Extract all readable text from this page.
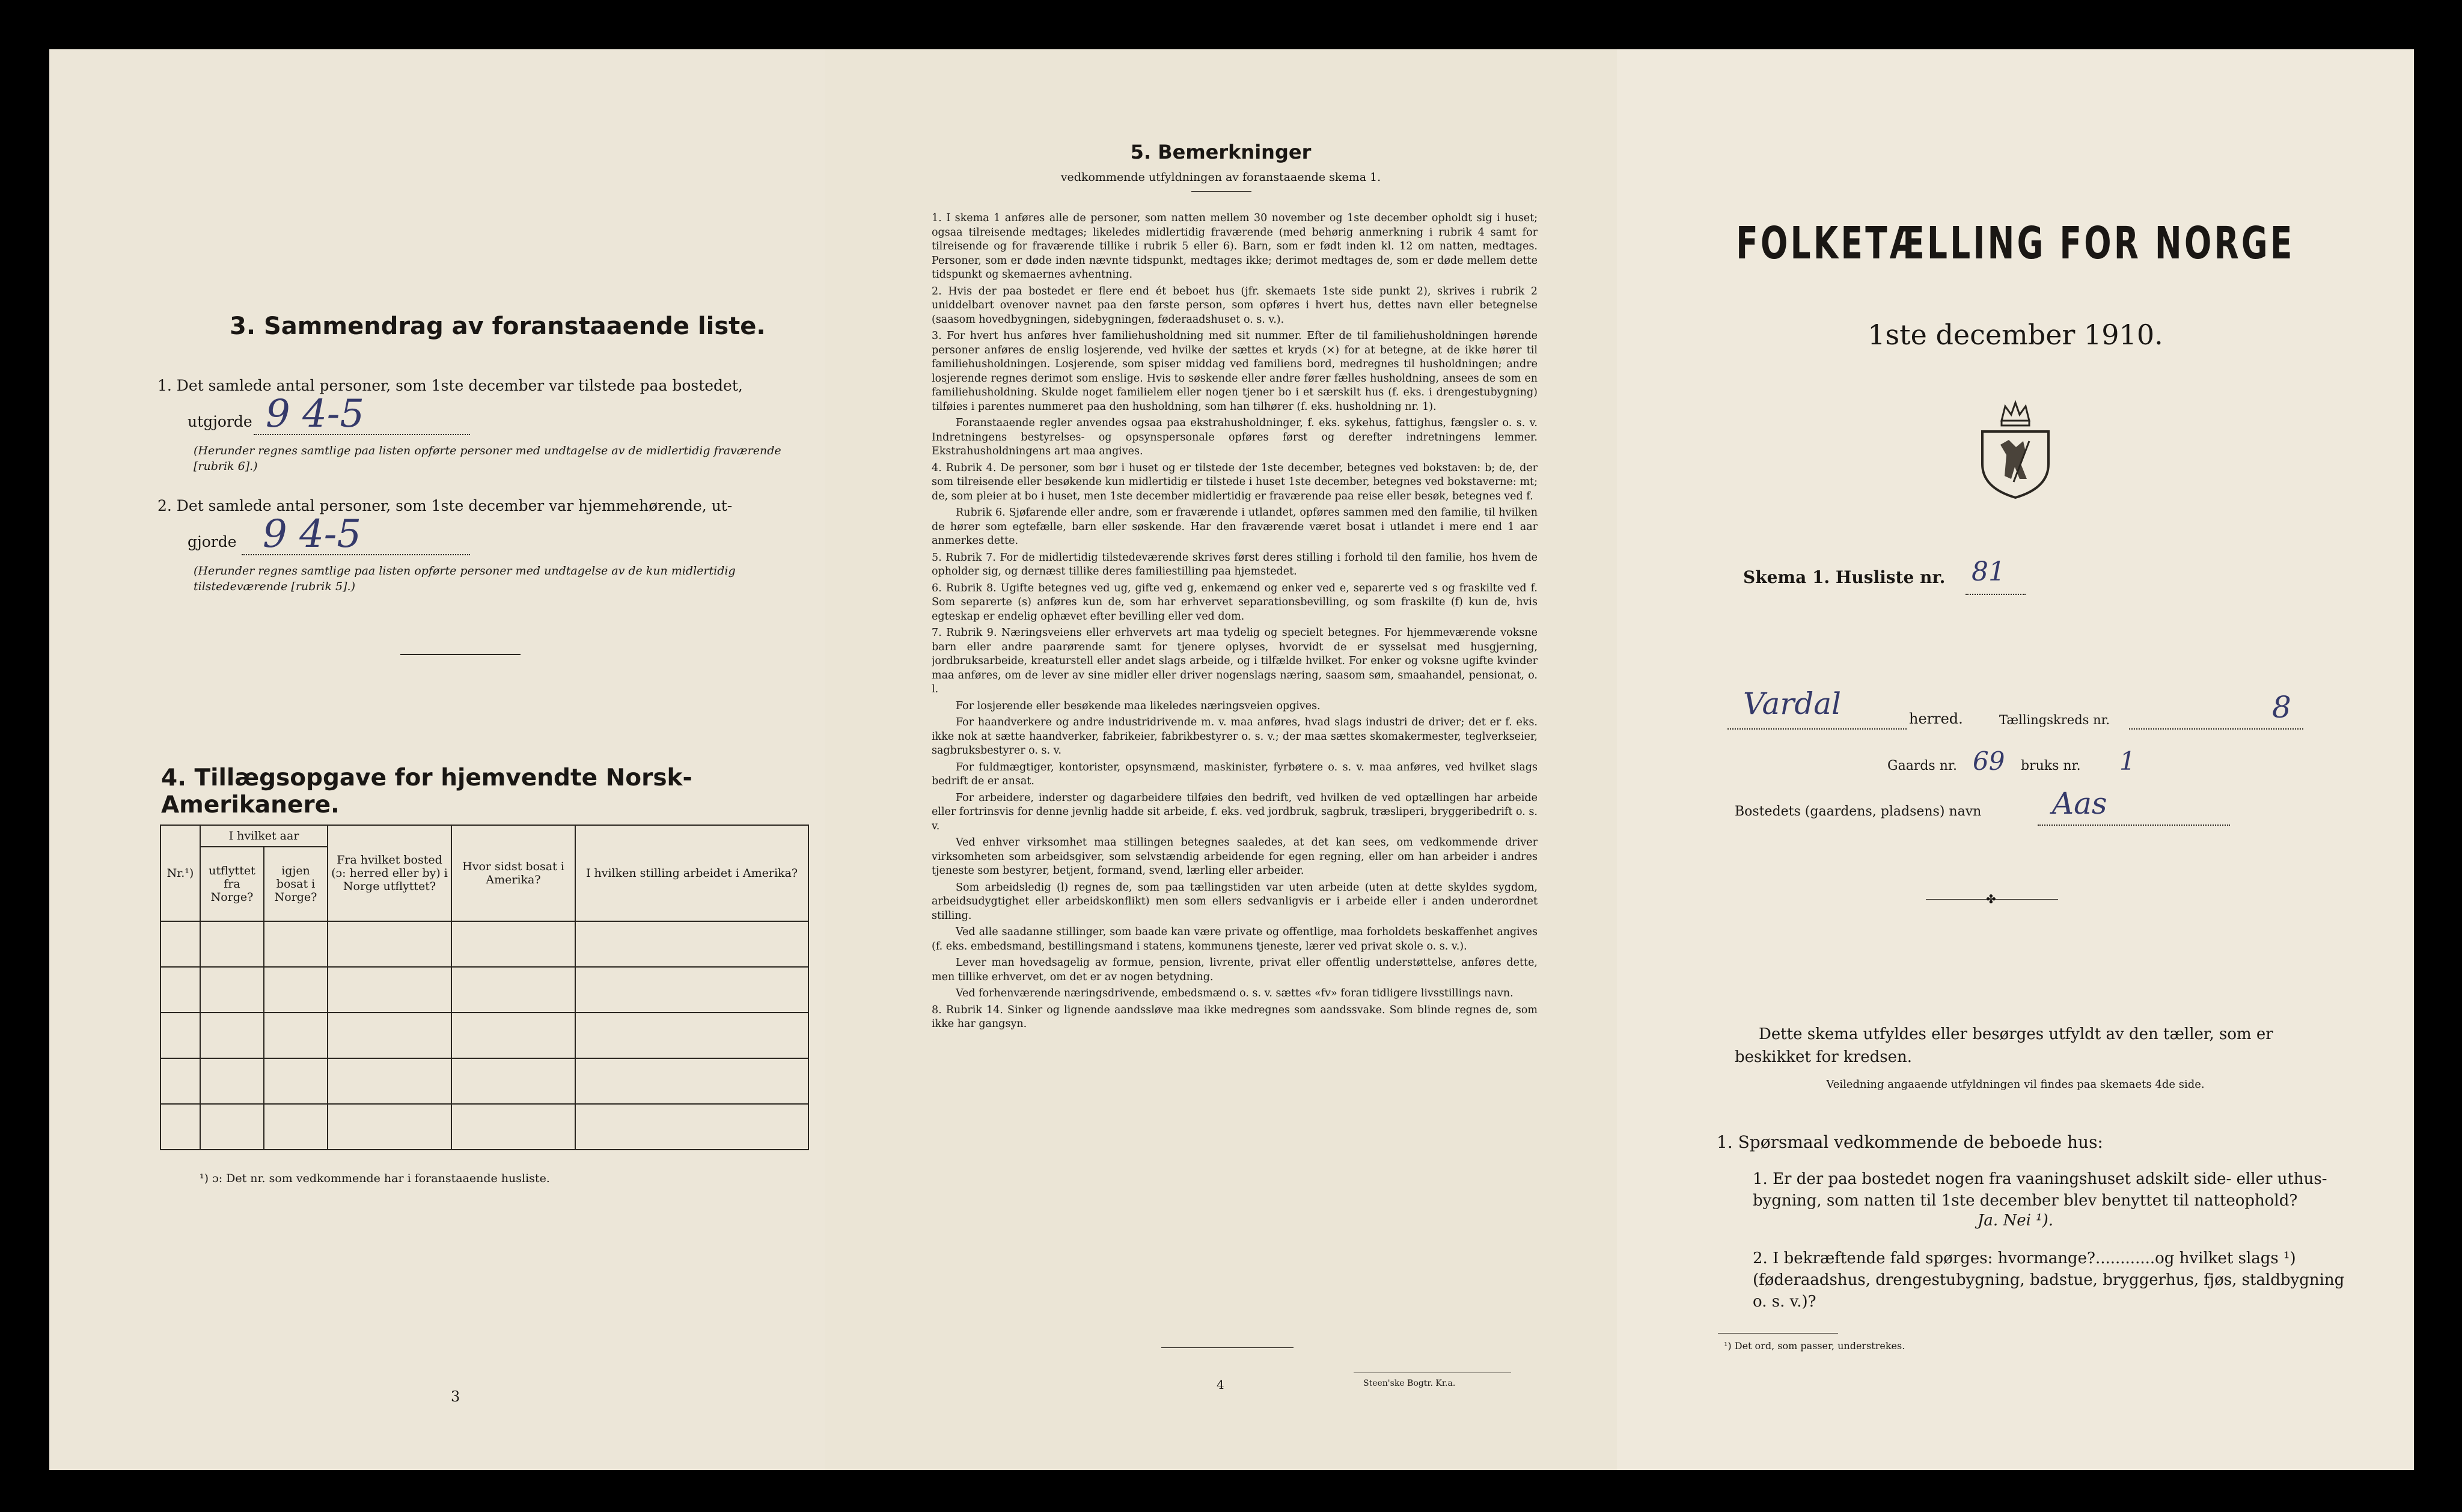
3. Sammendrag av foranstaaende liste.
1. Det samlede antal personer, som 1ste december var tilstede paa bostedet,
utgjorde 9 4-5
(Herunder regnes samtlige paa listen opførte personer med undtagelse av de midlertidig fraværende [rubrik 6].)
2. Det samlede antal personer, som 1ste december var hjemmehørende, ut-
gjorde 9 4-5
(Herunder regnes samtlige paa listen opførte personer med undtagelse av de kun midlertidig tilstedeværende [rubrik 5].)
4. Tillægsopgave for hjemvendte Norsk-Amerikanere.
Nr.¹)	I hvilket aar		Fra hvilket bosted (ɔ: herred eller by) i Norge utflyttet?	Hvor sidst bosat i Amerika?	I hvilken stilling arbeidet i Amerika?
	utflyttet fra Norge?	igjen bosat i Norge?			

¹) ɔ: Det nr. som vedkommende har i foranstaaende husliste.
3
5. Bemerkninger
vedkommende utfyldningen av foranstaaende skema 1.

1. I skema 1 anføres alle de personer, som natten mellem 30 november og 1ste december opholdt sig i huset; ogsaa tilreisende medtages; likeledes midlertidig fraværende (med behørig anmerkning i rubrik 4 samt for tilreisende og for fraværende tillike i rubrik 5 eller 6). Barn, som er født inden kl. 12 om natten, medtages. Personer, som er døde inden nævnte tidspunkt, medtages ikke; derimot medtages de, som er døde mellem dette tidspunkt og skemaernes avhentning.

2. Hvis der paa bostedet er flere end ét beboet hus (jfr. skemaets 1ste side punkt 2), skrives i rubrik 2 uniddelbart ovenover navnet paa den første person, som opføres i hvert hus, dettes navn eller betegnelse (saasom hovedbygningen, sidebygningen, føderaadshuset o. s. v.).

3. For hvert hus anføres hver familiehusholdning med sit nummer. Efter de til familiehusholdningen hørende personer anføres de enslig losjerende, ved hvilke der sættes et kryds (×) for at betegne, at de ikke hører til familiehusholdningen. Losjerende, som spiser middag ved familiens bord, medregnes til husholdningen; andre losjerende regnes derimot som enslige. Hvis to søskende eller andre fører fælles husholdning, ansees de som en familiehusholdning. Skulde noget familielem eller nogen tjener bo i et særskilt hus (f. eks. i drengestubygning) tilføies i parentes nummeret paa den husholdning, som han tilhører (f. eks. husholdning nr. 1).

Foranstaaende regler anvendes ogsaa paa ekstrahusholdninger, f. eks. sykehus, fattighus, fængsler o. s. v. Indretningens bestyrelses- og opsynspersonale opføres først og derefter indretningens lemmer. Ekstrahusholdningens art maa angives.

4. Rubrik 4. De personer, som bør i huset og er tilstede der 1ste december, betegnes ved bokstaven: b; de, der som tilreisende eller besøkende kun midlertidig er tilstede i huset 1ste december, betegnes ved bokstaverne: mt; de, som pleier at bo i huset, men 1ste december midlertidig er fraværende paa reise eller besøk, betegnes ved f.

Rubrik 6. Sjøfarende eller andre, som er fraværende i utlandet, opføres sammen med den familie, til hvilken de hører som egtefælle, barn eller søskende. Har den fraværende været bosat i utlandet i mere end 1 aar anmerkes dette.

5. Rubrik 7. For de midlertidig tilstedeværende skrives først deres stilling i forhold til den familie, hos hvem de opholder sig, og dernæst tillike deres familiestilling paa hjemstedet.

6. Rubrik 8. Ugifte betegnes ved ug, gifte ved g, enkemænd og enker ved e, separerte ved s og fraskilte ved f. Som separerte (s) anføres kun de, som har erhvervet separationsbevilling, og som fraskilte (f) kun de, hvis egteskap er endelig ophævet efter bevilling eller ved dom.

7. Rubrik 9. Næringsveiens eller erhvervets art maa tydelig og specielt betegnes. For hjemmeværende voksne barn eller andre paarørende samt for tjenere oplyses, hvorvidt de er sysselsat med husgjerning, jordbruksarbeide, kreaturstell eller andet slags arbeide, og i tilfælde hvilket. For enker og voksne ugifte kvinder maa anføres, om de lever av sine midler eller driver nogenslags næring, saasom søm, smaahandel, pensionat, o. l.

For losjerende eller besøkende maa likeledes næringsveien opgives.

For haandverkere og andre industridrivende m. v. maa anføres, hvad slags industri de driver; det er f. eks. ikke nok at sætte haandverker, fabrikeier, fabrikbestyrer o. s. v.; der maa sættes skomakermester, teglverkseier, sagbruksbestyrer o. s. v.

For fuldmægtiger, kontorister, opsynsmænd, maskinister, fyrbøtere o. s. v. maa anføres, ved hvilket slags bedrift de er ansat.

For arbeidere, inderster og dagarbeidere tilføies den bedrift, ved hvilken de ved optællingen har arbeide eller fortrinsvis for denne jevnlig hadde sit arbeide, f. eks. ved jordbruk, sagbruk, træsliperi, bryggeribedrift o. s. v.

Ved enhver virksomhet maa stillingen betegnes saaledes, at det kan sees, om vedkommende driver virksomheten som arbeidsgiver, som selvstændig arbeidende for egen regning, eller om han arbeider i andres tjeneste som bestyrer, betjent, formand, svend, lærling eller arbeider.

Som arbeidsledig (l) regnes de, som paa tællingstiden var uten arbeide (uten at dette skyldes sygdom, arbeidsudygtighet eller arbeidskonflikt) men som ellers sedvanligvis er i arbeide eller i anden underordnet stilling.

Ved alle saadanne stillinger, som baade kan være private og offentlige, maa forholdets beskaffenhet angives (f. eks. embedsmand, bestillingsmand i statens, kommunens tjeneste, lærer ved privat skole o. s. v.).

Lever man hovedsagelig av formue, pension, livrente, privat eller offentlig understøttelse, anføres dette, men tillike erhvervet, om det er av nogen betydning.

Ved forhenværende næringsdrivende, embedsmænd o. s. v. sættes «fv» foran tidligere livsstillings navn.

8. Rubrik 14. Sinker og lignende aandssløve maa ikke medregnes som aandssvake. Som blinde regnes de, som ikke har gangsyn.

4	Steen'ske Bogtr. Kr.a.
FOLKETÆLLING FOR NORGE
1ste december 1910.
Skema 1. Husliste nr. 81
Vardal	herred.	Tællingskreds nr.	8
Gaards nr. 69 bruks nr. 1
Bostedets (gaardens, pladsens) navn Aas
✤
Dette skema utfyldes eller besørges utfyldt av den tæller, som er beskikket for kredsen.
Veiledning angaaende utfyldningen vil findes paa skemaets 4de side.
1. Spørsmaal vedkommende de beboede hus:
1. Er der paa bostedet nogen fra vaaningshuset adskilt side- eller uthus-bygning, som natten til 1ste december blev benyttet til natteophold?
Ja. Nei ¹).
2. I bekræftende fald spørges: hvormange?............og hvilket slags ¹) (føderaadshus, drengestubygning, badstue, bryggerhus, fjøs, staldbygning o. s. v.)?
¹) Det ord, som passer, understrekes.
